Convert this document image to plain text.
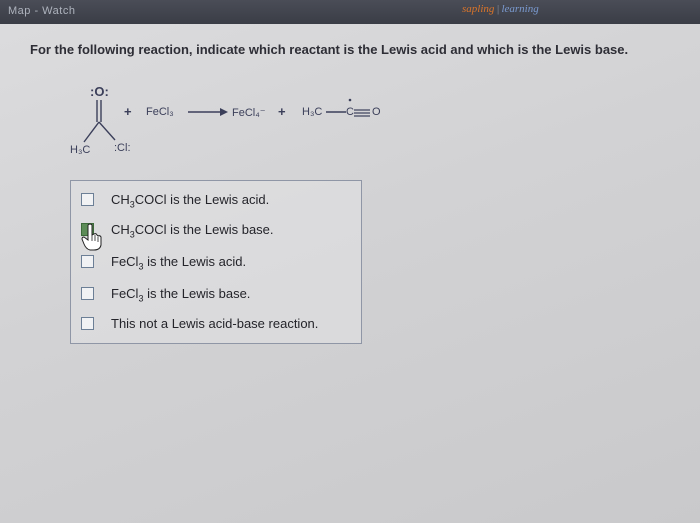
Map - Watch	sapling | learning
For the following reaction, indicate which reactant is the Lewis acid and which is the Lewis base.
:O:
H₃C :Cl:
+ FeCl₃	FeCl₄⁻ + H₃C C O
$CH_3COCl$ is the Lewis acid.
$CH_3COCl$ is the Lewis base.
FeCl$_3$ is the Lewis acid.
FeCl$_3$ is the Lewis base.
This not a Lewis acid-base reaction.
